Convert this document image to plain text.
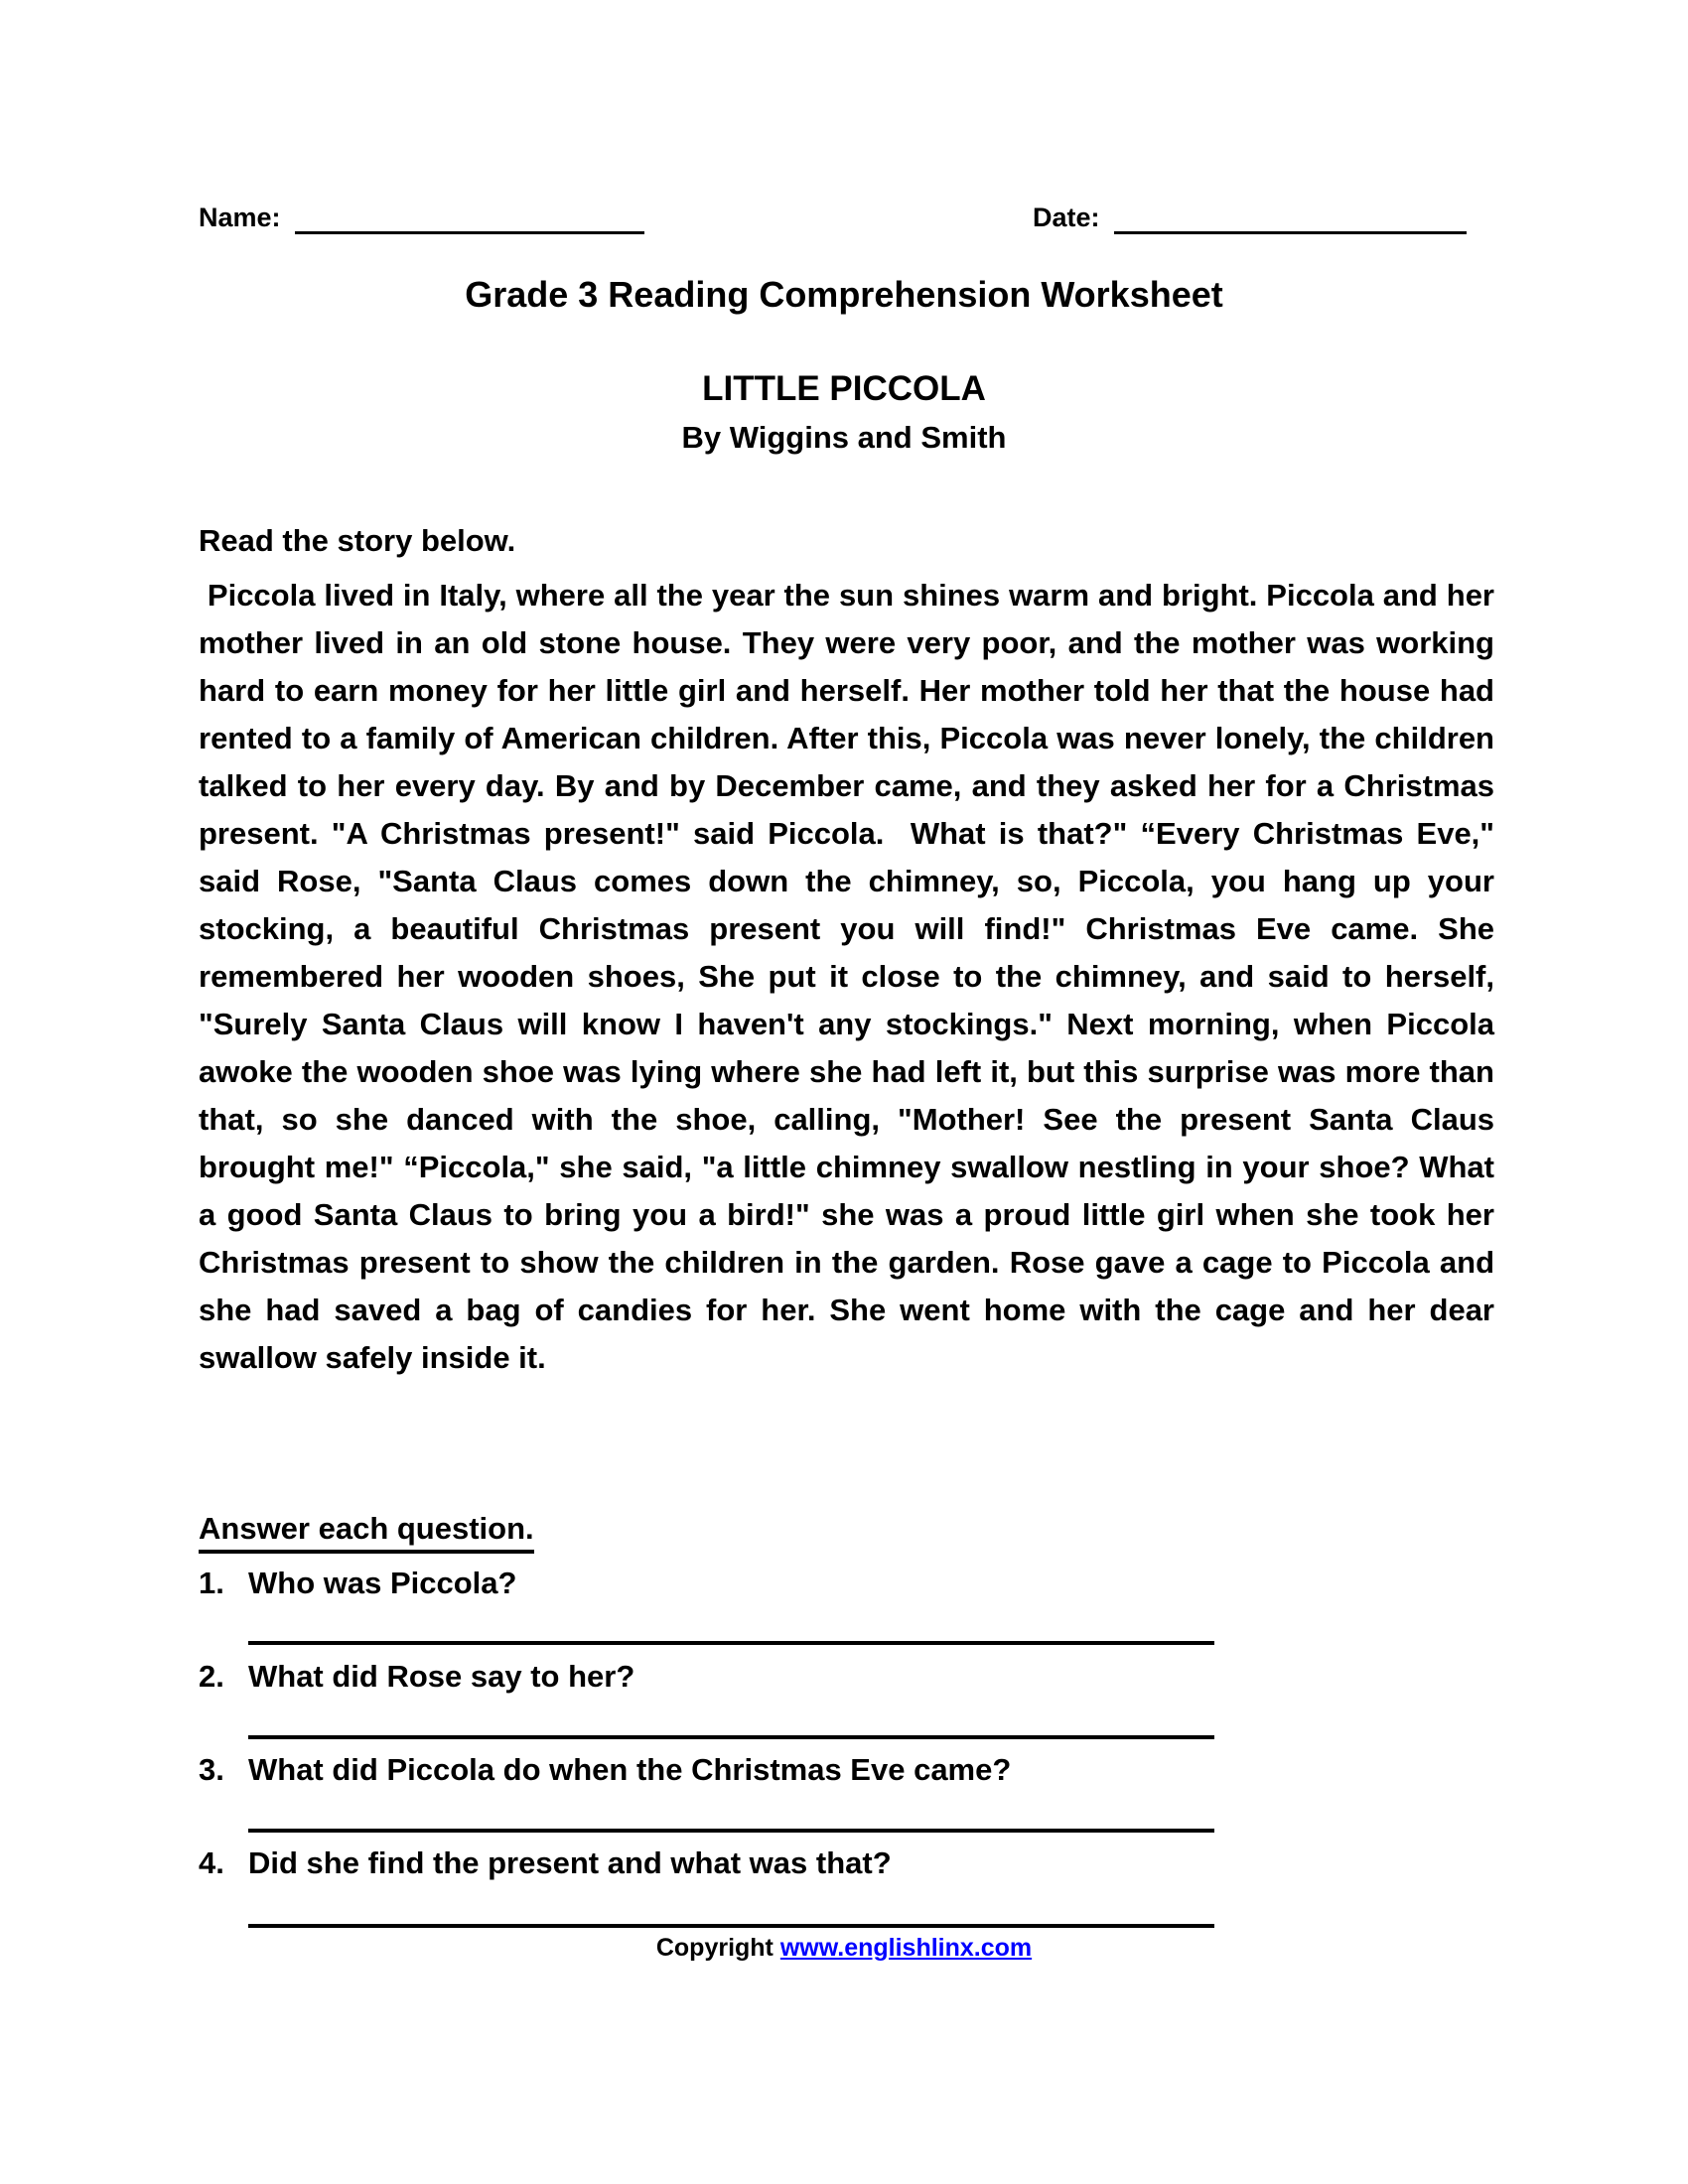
Name:	Date:
Grade 3 Reading Comprehension Worksheet
LITTLE PICCOLA
By Wiggins and Smith
Read the story below.
Piccola lived in Italy, where all the year the sun shines warm and bright. Piccola and her mother lived in an old stone house. They were very poor, and the mother was working hard to earn money for her little girl and herself. Her mother told her that the house had rented to a family of American children. After this, Piccola was never lonely, the children talked to her every day. By and by December came, and they asked her for a Christmas present. "A Christmas present!" said Piccola.  What is that?" “Every Christmas Eve," said Rose, "Santa Claus comes down the chimney, so, Piccola, you hang up your stocking, a beautiful Christmas present you will find!" Christmas Eve came. She remembered her wooden shoes, She put it close to the chimney, and said to herself, "Surely Santa Claus will know I haven't any stockings." Next morning, when Piccola awoke the wooden shoe was lying where she had left it, but this surprise was more than that, so she danced with the shoe, calling, "Mother! See the present Santa Claus brought me!" “Piccola," she said, "a little chimney swallow nestling in your shoe? What a good Santa Claus to bring you a bird!" she was a proud little girl when she took her Christmas present to show the children in the garden. Rose gave a cage to Piccola and she had saved a bag of candies for her. She went home with the cage and her dear swallow safely inside it.
Answer each question.
1. Who was Piccola?
2. What did Rose say to her?
3. What did Piccola do when the Christmas Eve came?
4. Did she find the present and what was that?
Copyright www.englishlinx.com
